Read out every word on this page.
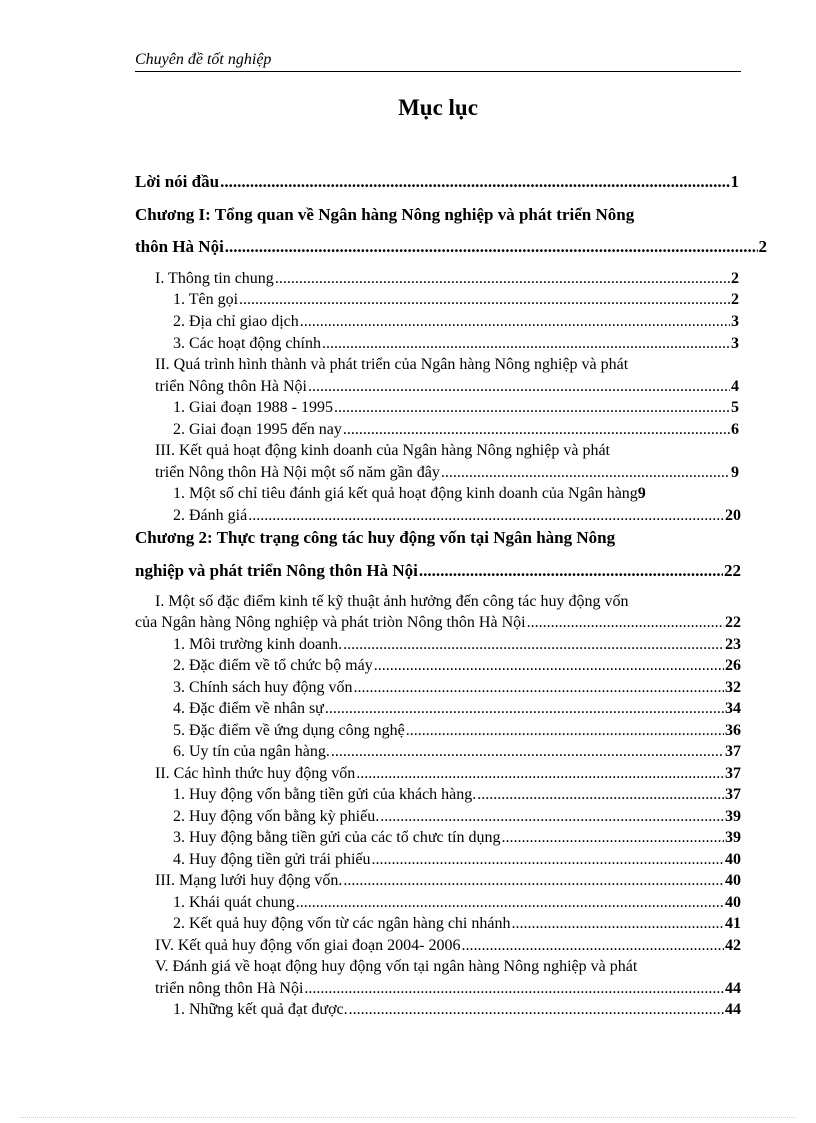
Chuyên đề tốt nghiệp
Mục lục
Lời nói đầu .....	1
Chương I: Tổng quan về Ngân hàng Nông nghiệp và phát triển Nông
thôn Hà Nội .....	2
I. Thông tin chung .....	2
1. Tên gọi .....	2
2. Địa chỉ giao dịch .....	3
3. Các hoạt động chính .....	3
II. Quá trình hình thành và phát triển của Ngân hàng Nông nghiệp và phát
triển Nông thôn Hà Nội .....	4
1. Giai đoạn 1988 - 1995 .....	5
2. Giai đoạn 1995 đến nay .....	6
III. Kết quả hoạt động kinh doanh của Ngân hàng Nông nghiệp và phát
triển Nông thôn Hà Nội một số năm gần đây .....	9
1. Một số chỉ tiêu đánh giá kết quả hoạt động kinh doanh của Ngân hàng 9
2. Đánh giá .....	20
Chương 2: Thực trạng công tác huy động vốn tại Ngân hàng Nông
nghiệp và phát triển Nông thôn Hà Nội .....	22
I. Một số đặc điểm kinh tế kỹ thuật ảnh hưởng đến công tác huy động vốn
của Ngân hàng Nông nghiệp và phát triòn Nông thôn Hà Nội .....	22
1. Môi trường kinh doanh. .....	23
2. Đặc điểm về tổ chức bộ máy .....	26
3. Chính sách huy động vốn .....	32
4. Đặc điểm về nhân sự .....	34
5. Đặc điểm về ứng dụng công nghệ .....	36
6. Uy tín của ngân hàng. .....	37
II. Các hình thức huy động vốn .....	37
1. Huy động vốn bằng tiền gửi của khách hàng. .....	37
2. Huy động vốn bằng kỳ phiếu. .....	39
3. Huy động bằng tiền gửi của các tổ chưc tín dụng .....	39
4. Huy động tiền gửi trái phiếu .....	40
III. Mạng lưới huy động vốn. .....	40
1. Khái quát chung .....	40
2. Kết quả huy động vốn từ các ngân hàng chi nhánh .....	41
IV. Kết quả huy động vốn giai đoạn 2004- 2006 .....	42
V. Đánh giá về hoạt động huy động vốn tại ngân hàng Nông nghiệp và phát
triển nông thôn Hà Nội .....	44
1. Những kết quả đạt được. .....	44
